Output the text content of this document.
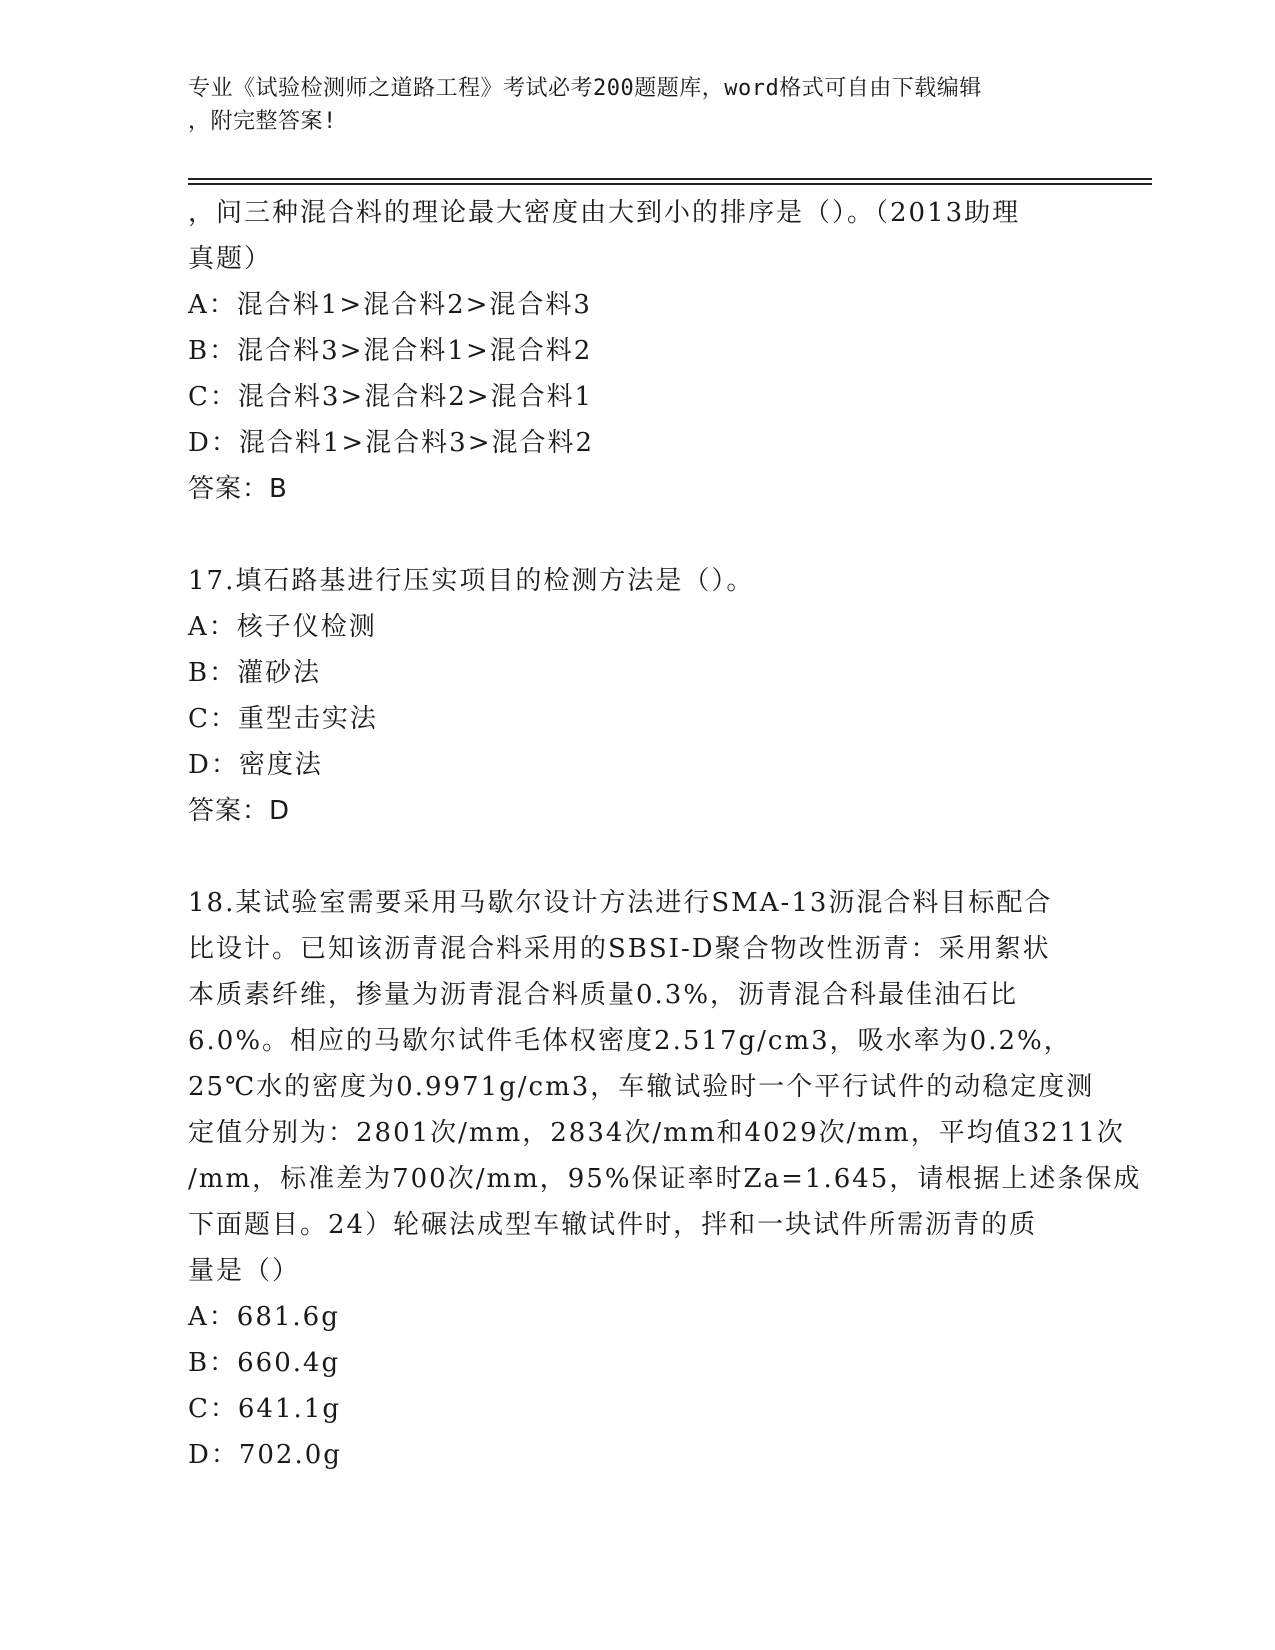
专业《试验检测师之道路工程》考试必考200题题库，word格式可自由下载编辑
，附完整答案!
，问三种混合料的理论最大密度由大到小的排序是（）。（2013助理
真题）
A：混合料1>混合料2>混合料3
B：混合料3>混合料1>混合料2
C：混合料3>混合料2>混合料1
D：混合料1>混合料3>混合料2
答案：B
17.填石路基进行压实项目的检测方法是（）。
A：核子仪检测
B：灌砂法
C：重型击实法
D：密度法
答案：D
18.某试验室需要采用马歇尔设计方法进行SMA-13沥混合料目标配合
比设计。已知该沥青混合料采用的SBSI-D聚合物改性沥青：采用絮状
本质素纤维，掺量为沥青混合料质量0.3%，沥青混合科最佳油石比
6.0%。相应的马歇尔试件毛体权密度2.517g/cm3，吸水率为0.2%，
25℃水的密度为0.9971g/cm3，车辙试验时一个平行试件的动稳定度测
定值分别为：2801次/mm，2834次/mm和4029次/mm，平均值3211次
/mm，标准差为700次/mm，95%保证率时Za=1.645，请根据上述条保成
下面题目。24）轮碾法成型车辙试件时，拌和一块试件所需沥青的质
量是（）
A：681.6g
B：660.4g
C：641.1g
D：702.0g
